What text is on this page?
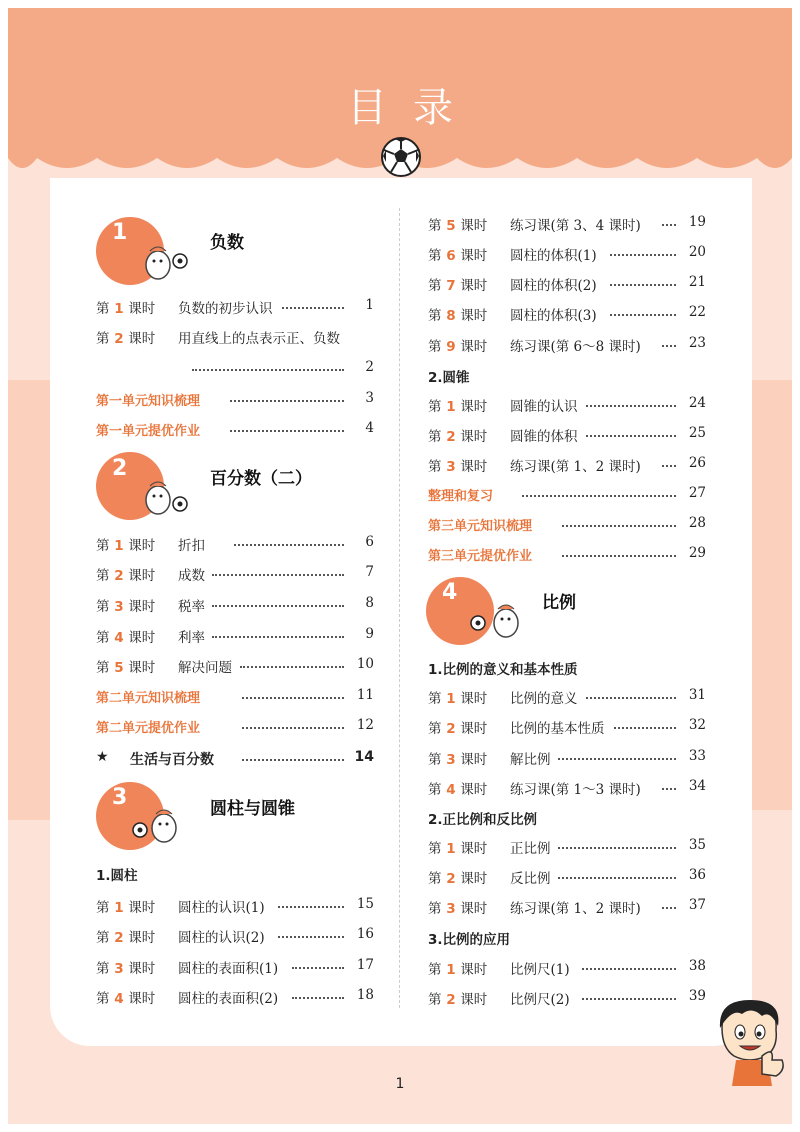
目录
1	负数
2	百分数（二）
3	圆柱与圆锥
4	比例
第 1 课时 负数的初步认识	1
第 2 课时 用直线上的点表示正、负数
2
第一单元知识梳理	3
第一单元提优作业	4
第 1 课时 折扣	6
第 2 课时 成数	7
第 3 课时 税率	8
第 4 课时 利率	9
第 5 课时 解决问题	10
第二单元知识梳理	11
第二单元提优作业	12
★ 生活与百分数	14
1.圆柱
第 1 课时 圆柱的认识(1)	15
第 2 课时 圆柱的认识(2)	16
第 3 课时 圆柱的表面积(1)	17
第 4 课时 圆柱的表面积(2)	18
第 5 课时 练习课(第 3、4 课时)	19
第 6 课时 圆柱的体积(1)	20
第 7 课时 圆柱的体积(2)	21
第 8 课时 圆柱的体积(3)	22
第 9 课时 练习课(第 6～8 课时)	23
2.圆锥
第 1 课时 圆锥的认识	24
第 2 课时 圆锥的体积	25
第 3 课时 练习课(第 1、2 课时)	26
整理和复习	27
第三单元知识梳理	28
第三单元提优作业	29
1.比例的意义和基本性质
第 1 课时 比例的意义	31
第 2 课时 比例的基本性质	32
第 3 课时 解比例	33
第 4 课时 练习课(第 1～3 课时)	34
2.正比例和反比例
第 1 课时 正比例	35
第 2 课时 反比例	36
第 3 课时 练习课(第 1、2 课时)	37
3.比例的应用
第 1 课时 比例尺(1)	38
第 2 课时 比例尺(2)	39
1
